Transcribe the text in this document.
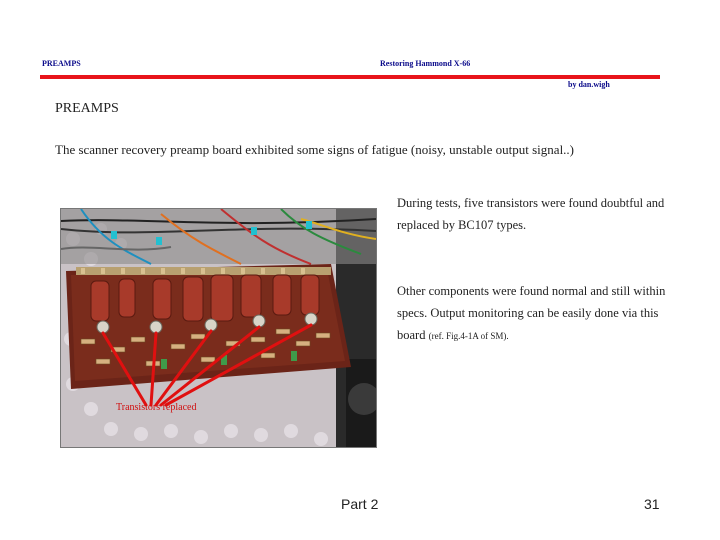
PREAMPS	Restoring Hammond X-66
by dan.wigh
PREAMPS
The scanner recovery preamp board exhibited some signs of fatigue (noisy, unstable output signal..)
During tests, five transistors were found doubtful and replaced by BC107 types.
Other components were found normal and still within specs. Output monitoring can be easily done via this board (ref. Fig.4-1A of SM).
Transistors replaced
Part 2	31
